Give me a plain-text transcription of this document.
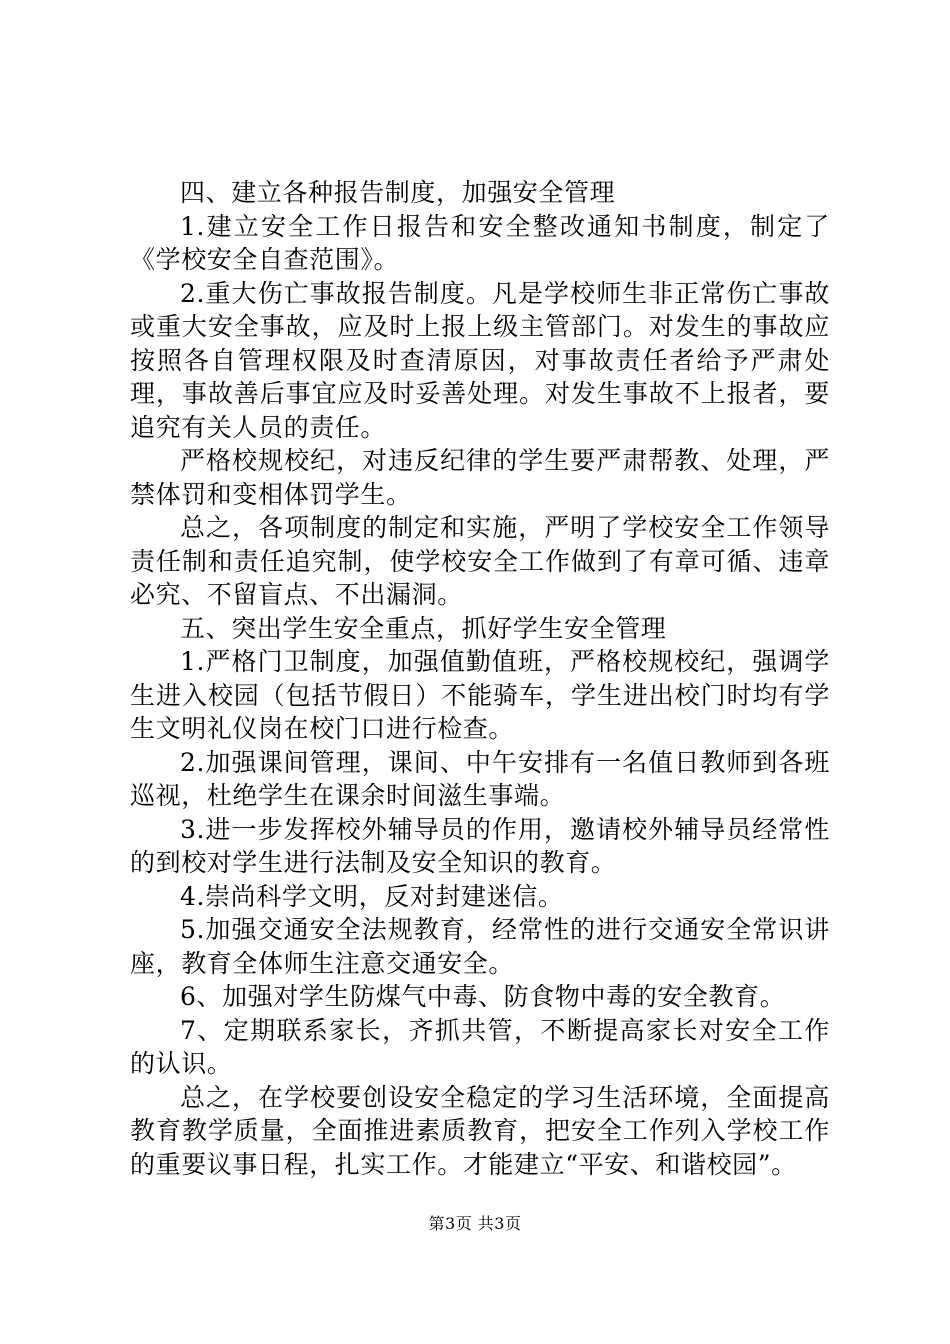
四、建立各种报告制度，加强安全管理

1.建立安全工作日报告和安全整改通知书制度，制定了《学校安全自查范围》。

2.重大伤亡事故报告制度。凡是学校师生非正常伤亡事故或重大安全事故，应及时上报上级主管部门。对发生的事故应按照各自管理权限及时查清原因，对事故责任者给予严肃处理，事故善后事宜应及时妥善处理。对发生事故不上报者，要追究有关人员的责任。

严格校规校纪，对违反纪律的学生要严肃帮教、处理，严禁体罚和变相体罚学生。

总之，各项制度的制定和实施，严明了学校安全工作领导责任制和责任追究制，使学校安全工作做到了有章可循、违章必究、不留盲点、不出漏洞。

五、突出学生安全重点，抓好学生安全管理

1.严格门卫制度，加强值勤值班，严格校规校纪，强调学生进入校园（包括节假日）不能骑车，学生进出校门时均有学生文明礼仪岗在校门口进行检查。

2.加强课间管理，课间、中午安排有一名值日教师到各班巡视，杜绝学生在课余时间滋生事端。

3.进一步发挥校外辅导员的作用，邀请校外辅导员经常性的到校对学生进行法制及安全知识的教育。

4.崇尚科学文明，反对封建迷信。

5.加强交通安全法规教育，经常性的进行交通安全常识讲座，教育全体师生注意交通安全。

6、加强对学生防煤气中毒、防食物中毒的安全教育。

7、定期联系家长，齐抓共管，不断提高家长对安全工作的认识。

总之，在学校要创设安全稳定的学习生活环境，全面提高教育教学质量，全面推进素质教育，把安全工作列入学校工作的重要议事日程，扎实工作。才能建立“平安、和谐校园”。

第3页 共3页
